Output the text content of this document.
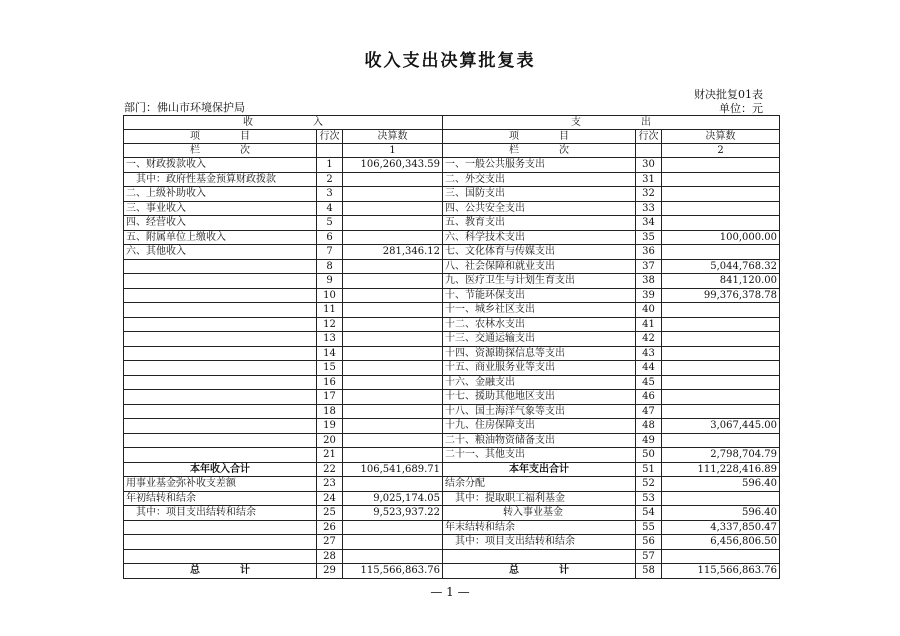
收入支出决算批复表
财决批复01表
部门：佛山市环境保护局	单位：元
收　　　　　　入			支　　　　　　出		
项　　　　目	行次	决算数	项　　　　目	行次	决算数
栏　　　　次		1	栏　　　　次		2
一、财政拨款收入	1	106,260,343.59	一、一般公共服务支出	30	
其中：政府性基金预算财政拨款	2		二、外交支出	31	
二、上级补助收入	3		三、国防支出	32	
三、事业收入	4		四、公共安全支出	33	
四、经营收入	5		五、教育支出	34	
五、附属单位上缴收入	6		六、科学技术支出	35	100,000.00
六、其他收入	7	281,346.12	七、文化体育与传媒支出	36	
	8		八、社会保障和就业支出	37	5,044,768.32
	9		九、医疗卫生与计划生育支出	38	841,120.00
	10		十、节能环保支出	39	99,376,378.78
	11		十一、城乡社区支出	40	
	12		十二、农林水支出	41	
	13		十三、交通运输支出	42	
	14		十四、资源勘探信息等支出	43	
	15		十五、商业服务业等支出	44	
	16		十六、金融支出	45	
	17		十七、援助其他地区支出	46	
	18		十八、国土海洋气象等支出	47	
	19		十九、住房保障支出	48	3,067,445.00
	20		二十、粮油物资储备支出	49	
	21		二十一、其他支出	50	2,798,704.79
本年收入合计	22	106,541,689.71	本年支出合计	51	111,228,416.89
用事业基金弥补收支差额	23		结余分配	52	596.40
年初结转和结余	24	9,025,174.05	其中：提取职工福利基金	53	
其中：项目支出结转和结余	25	9,523,937.22	转入事业基金	54	596.40
	26		年末结转和结余	55	4,337,850.47
	27		其中：项目支出结转和结余	56	6,456,806.50
	28			57	
总　　　　计	29	115,566,863.76	总　　　　计	58	115,566,863.76
— 1 —
